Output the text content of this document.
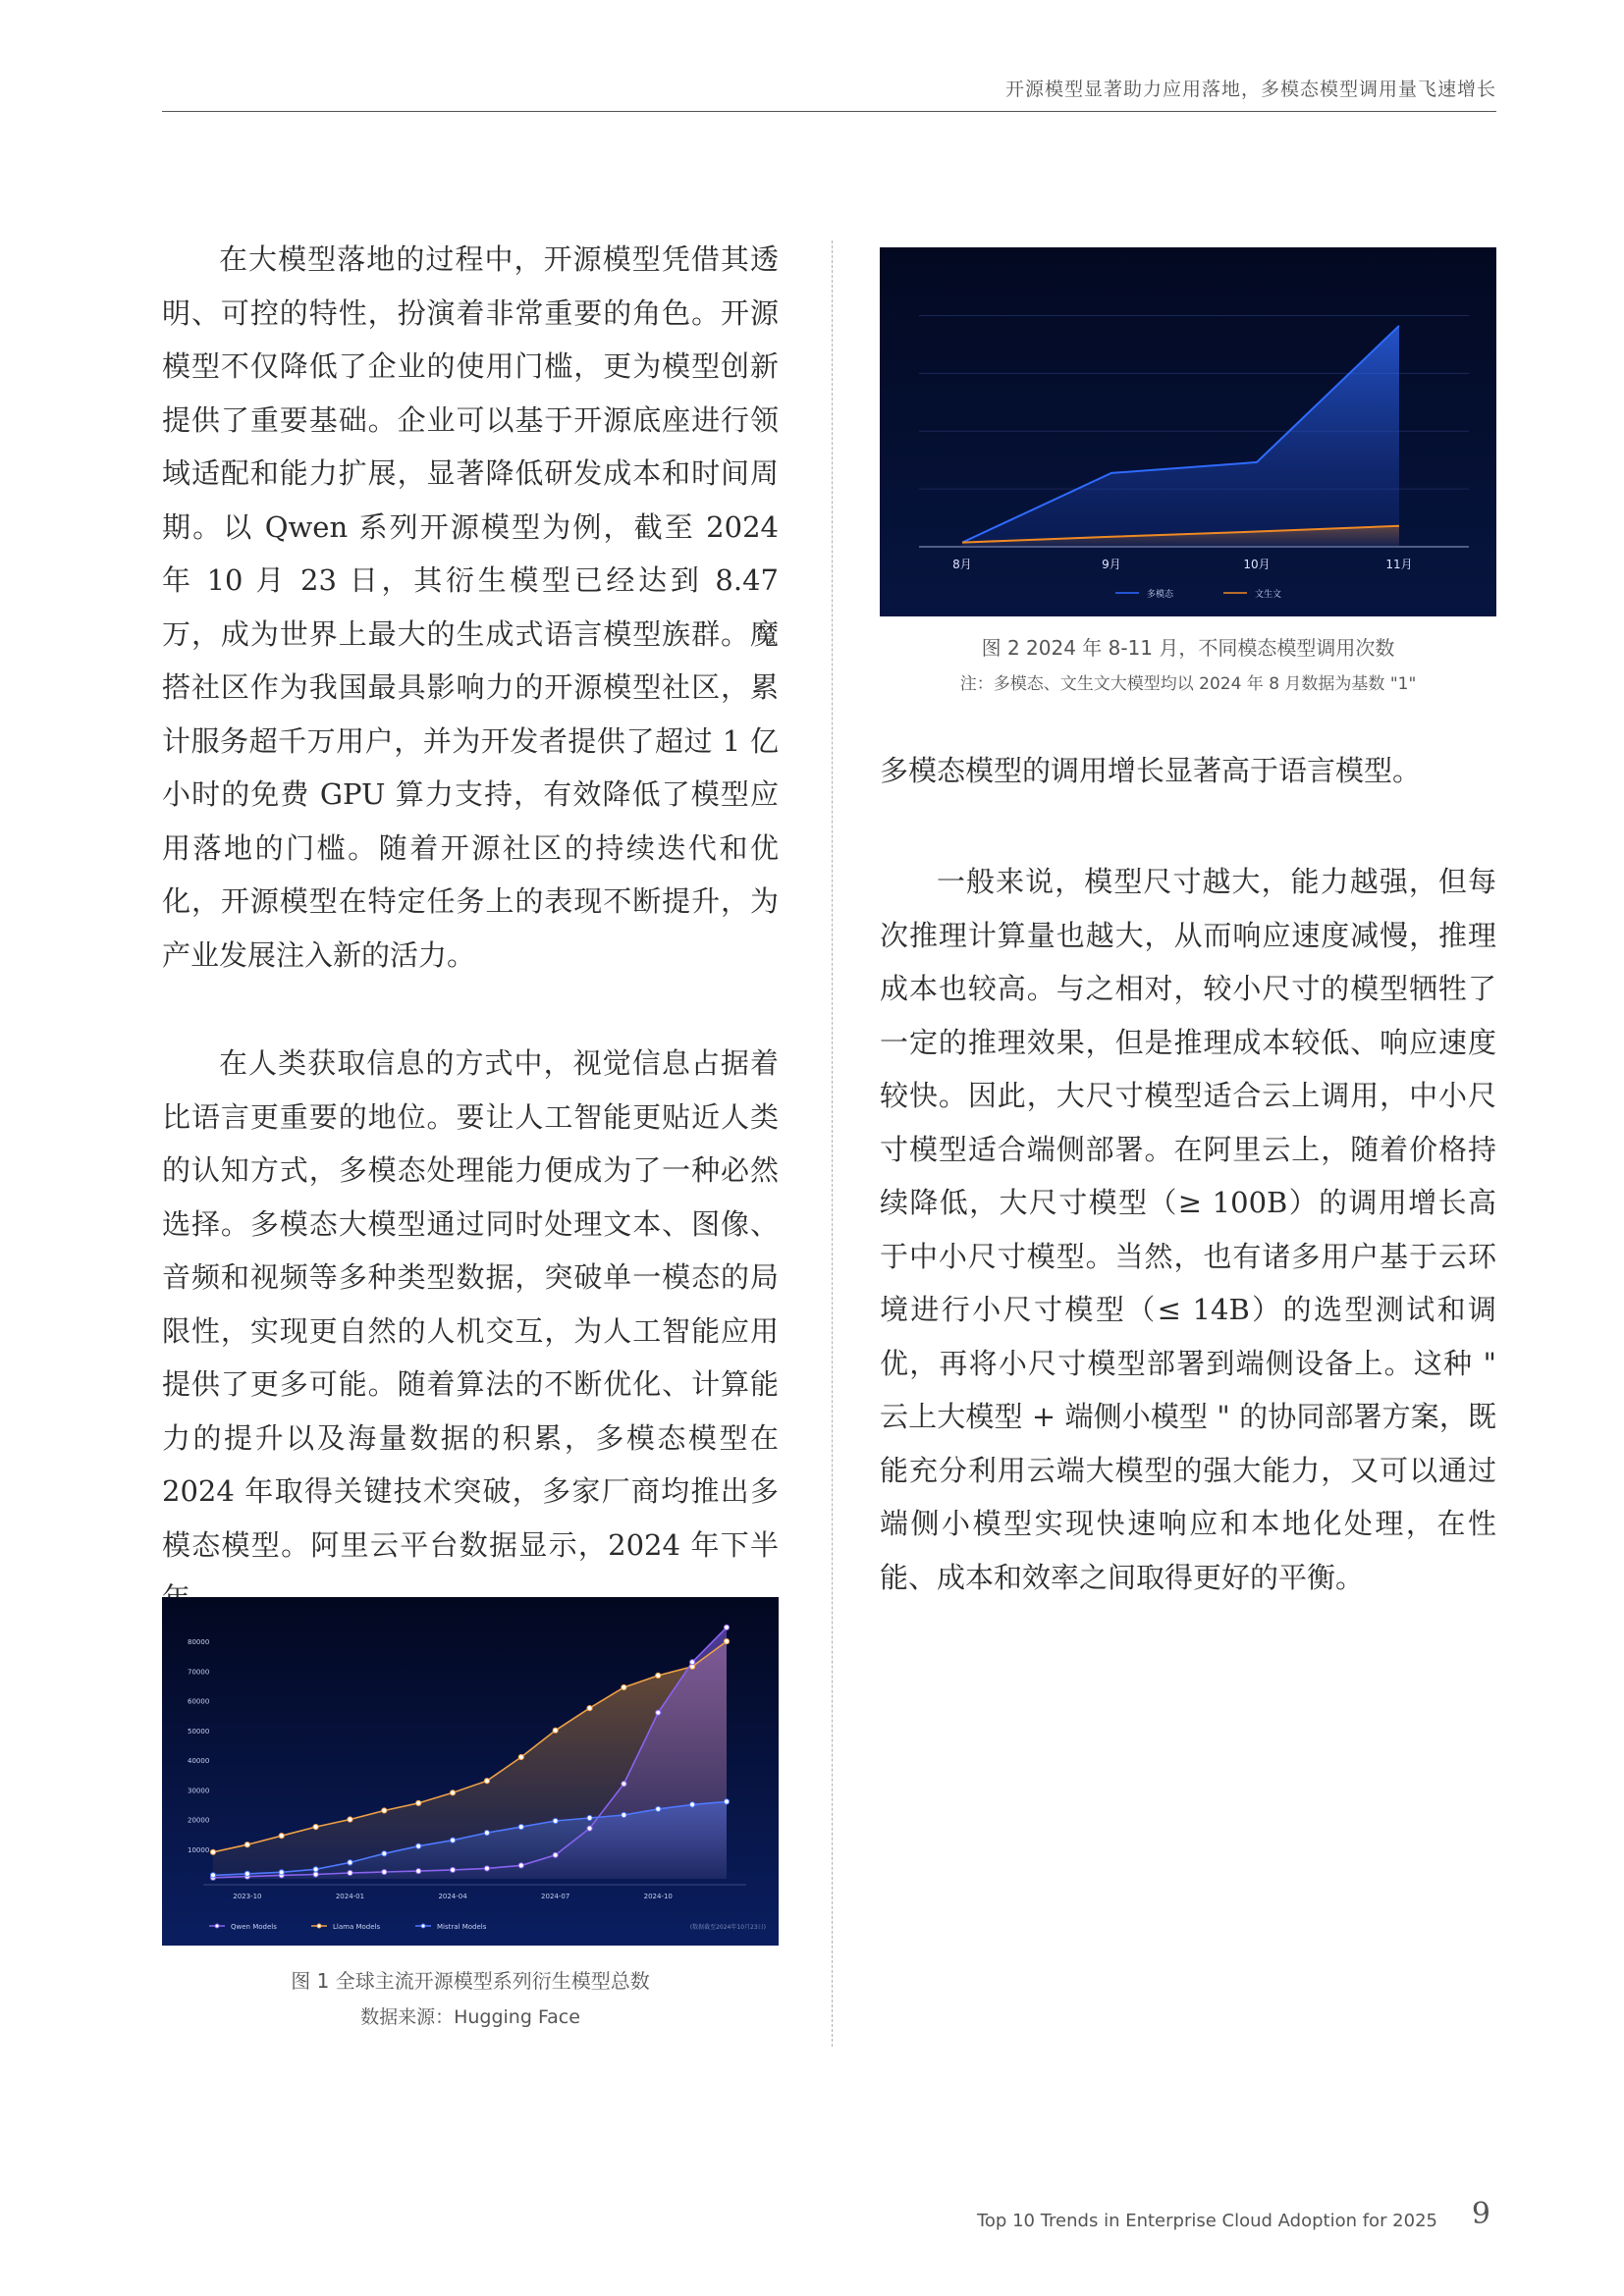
开源模型显著助力应用落地，多模态模型调用量飞速增长

在大模型落地的过程中，开源模型凭借其透明、可控的特性，扮演着非常重要的角色。开源模型不仅降低了企业的使用门槛，更为模型创新提供了重要基础。企业可以基于开源底座进行领域适配和能力扩展，显著降低研发成本和时间周期。以 Qwen 系列开源模型为例，截至 2024 年 10 月 23 日，其衍生模型已经达到 8.47 万，成为世界上最大的生成式语言模型族群。魔搭社区作为我国最具影响力的开源模型社区，累计服务超千万用户，并为开发者提供了超过 1 亿小时的免费 GPU 算力支持，有效降低了模型应用落地的门槛。随着开源社区的持续迭代和优化，开源模型在特定任务上的表现不断提升，为产业发展注入新的活力。

在人类获取信息的方式中，视觉信息占据着比语言更重要的地位。要让人工智能更贴近人类的认知方式，多模态处理能力便成为了一种必然选择。多模态大模型通过同时处理文本、图像、音频和视频等多种类型数据，突破单一模态的局限性，实现更自然的人机交互，为人工智能应用提供了更多可能。随着算法的不断优化、计算能力的提升以及海量数据的积累，多模态模型在 2024 年取得关键技术突破，多家厂商均推出多模态模型。阿里云平台数据显示，2024 年下半

10000
20000
30000
40000
50000
60000
70000
80000
2023-10	2024-01	2024-04	2024-07	2024-10
Qwen Models	Llama Models	Mistral Models	(数据截至2024年10月23日)
图 1 全球主流开源模型系列衍生模型总数
数据来源：Hugging Face
8月	9月	10月	11月
多模态	文生文
图 2 2024 年 8-11 月，不同模态模型调用次数
注：多模态、文生文大模型均以 2024 年 8 月数据为基数 "1"

多模态模型的调用增长显著高于语言模型。

一般来说，模型尺寸越大，能力越强，但每次推理计算量也越大，从而响应速度减慢，推理成本也较高。与之相对，较小尺寸的模型牺牲了一定的推理效果，但是推理成本较低、响应速度较快。因此，大尺寸模型适合云上调用，中小尺寸模型适合端侧部署。在阿里云上，随着价格持续降低，大尺寸模型（≥ 100B）的调用增长高于中小尺寸模型。当然，也有诸多用户基于云环境进行小尺寸模型（≤ 14B）的选型测试和调优，再将小尺寸模型部署到端侧设备上。这种 " 云上大模型 + 端侧小模型 " 的协同部署方案，既能充分利用云端大模型的强大能力，又可以通过端侧小模型实现快速响应和本地化处理，在性能、成本和效率之间取得更好的平衡。

Top 10 Trends in Enterprise Cloud Adoption for 2025 9
